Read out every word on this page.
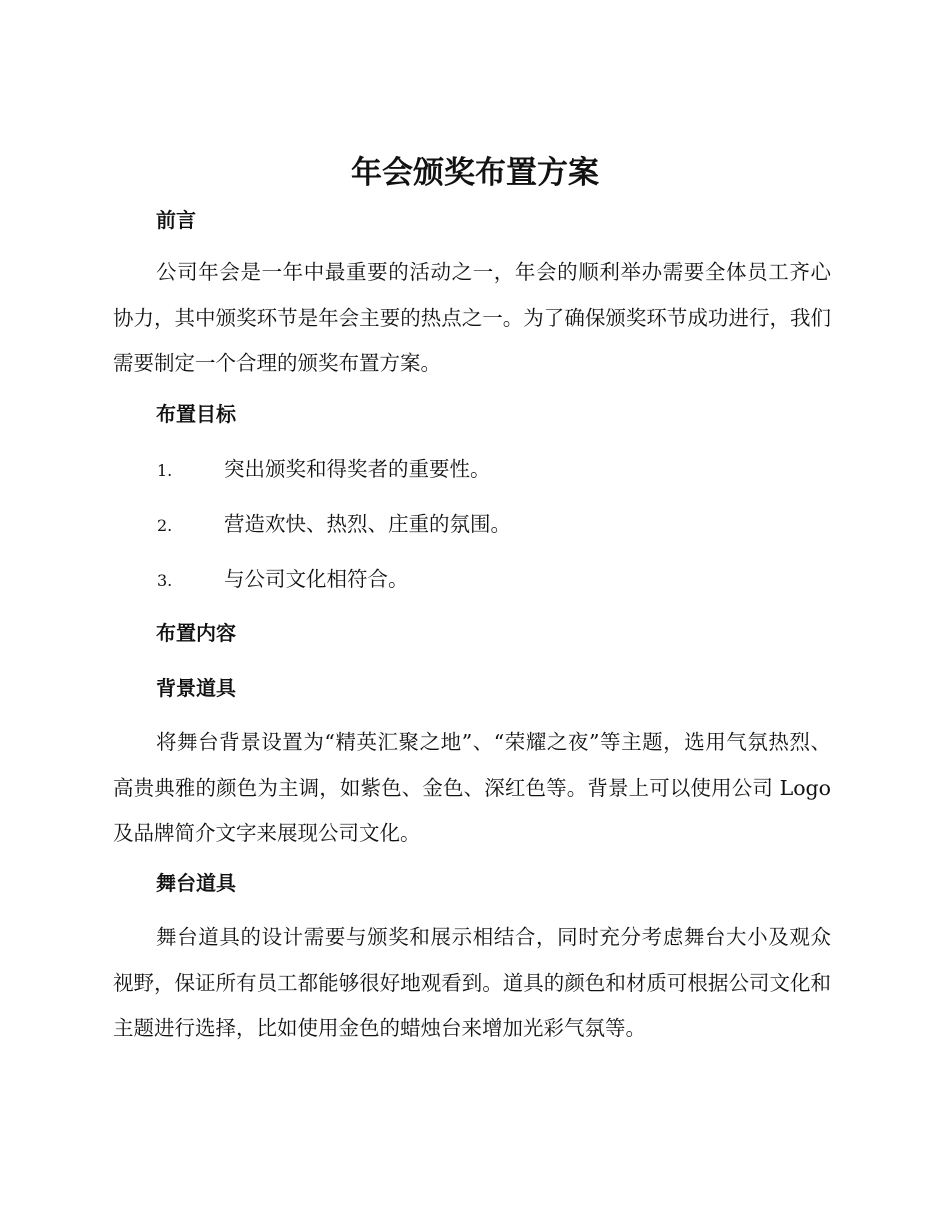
年会颁奖布置方案
前言

公司年会是一年中最重要的活动之一，年会的顺利举办需要全体员工齐心协力，其中颁奖环节是年会主要的热点之一。为了确保颁奖环节成功进行，我们需要制定一个合理的颁奖布置方案。

布置目标
1.	突出颁奖和得奖者的重要性。
2.	营造欢快、热烈、庄重的氛围。
3.	与公司文化相符合。
布置内容
背景道具

将舞台背景设置为“精英汇聚之地”、“荣耀之夜”等主题，选用气氛热烈、高贵典雅的颜色为主调，如紫色、金色、深红色等。背景上可以使用公司 Logo 及品牌简介文字来展现公司文化。

舞台道具

舞台道具的设计需要与颁奖和展示相结合，同时充分考虑舞台大小及观众视野，保证所有员工都能够很好地观看到。道具的颜色和材质可根据公司文化和主题进行选择，比如使用金色的蜡烛台来增加光彩气氛等。
